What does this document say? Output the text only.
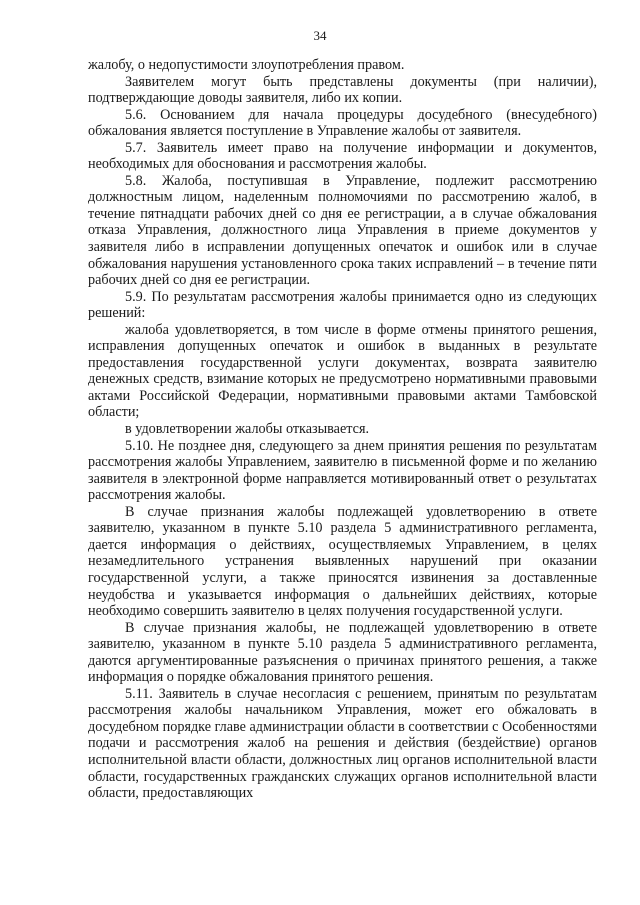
34

жалобу, о недопустимости злоупотребления правом.

Заявителем могут быть представлены документы (при наличии), подтверждающие доводы заявителя, либо их копии.

5.6. Основанием для начала процедуры досудебного (внесудебного) обжалования является поступление в Управление жалобы от заявителя.

5.7. Заявитель имеет право на получение информации и документов, необходимых для обоснования и рассмотрения жалобы.

5.8. Жалоба, поступившая в Управление, подлежит рассмотрению должностным лицом, наделенным полномочиями по рассмотрению жалоб, в течение пятнадцати рабочих дней со дня ее регистрации, а в случае обжалования отказа Управления, должностного лица Управления в приеме документов у заявителя либо в исправлении допущенных опечаток и ошибок или в случае обжалования нарушения установленного срока таких исправлений – в течение пяти рабочих дней со дня ее регистрации.

5.9. По результатам рассмотрения жалобы принимается одно из следующих решений:

жалоба удовлетворяется, в том числе в форме отмены принятого решения, исправления допущенных опечаток и ошибок в выданных в результате предоставления государственной услуги документах, возврата заявителю денежных средств, взимание которых не предусмотрено нормативными правовыми актами Российской Федерации, нормативными правовыми актами Тамбовской области;

в удовлетворении жалобы отказывается.

5.10. Не позднее дня, следующего за днем принятия решения по результатам рассмотрения жалобы Управлением, заявителю в письменной форме и по желанию заявителя в электронной форме направляется мотивированный ответ о результатах рассмотрения жалобы.

В случае признания жалобы подлежащей удовлетворению в ответе заявителю, указанном в пункте 5.10 раздела 5 административного регламента, дается информация о действиях, осуществляемых Управлением, в целях незамедлительного устранения выявленных нарушений при оказании государственной услуги, а также приносятся извинения за доставленные неудобства и указывается информация о дальнейших действиях, которые необходимо совершить заявителю в целях получения государственной услуги.

В случае признания жалобы, не подлежащей удовлетворению в ответе заявителю, указанном в пункте 5.10 раздела 5 административного регламента, даются аргументированные разъяснения о причинах принятого решения, а также информация о порядке обжалования принятого решения.

5.11. Заявитель в случае несогласия с решением, принятым по результатам рассмотрения жалобы начальником Управления, может его обжаловать в досудебном порядке главе администрации области в соответствии с Особенностями подачи и рассмотрения жалоб на решения и действия (бездействие) органов исполнительной власти области, должностных лиц органов исполнительной власти области, государственных гражданских служащих органов исполнительной власти области, предоставляющих
